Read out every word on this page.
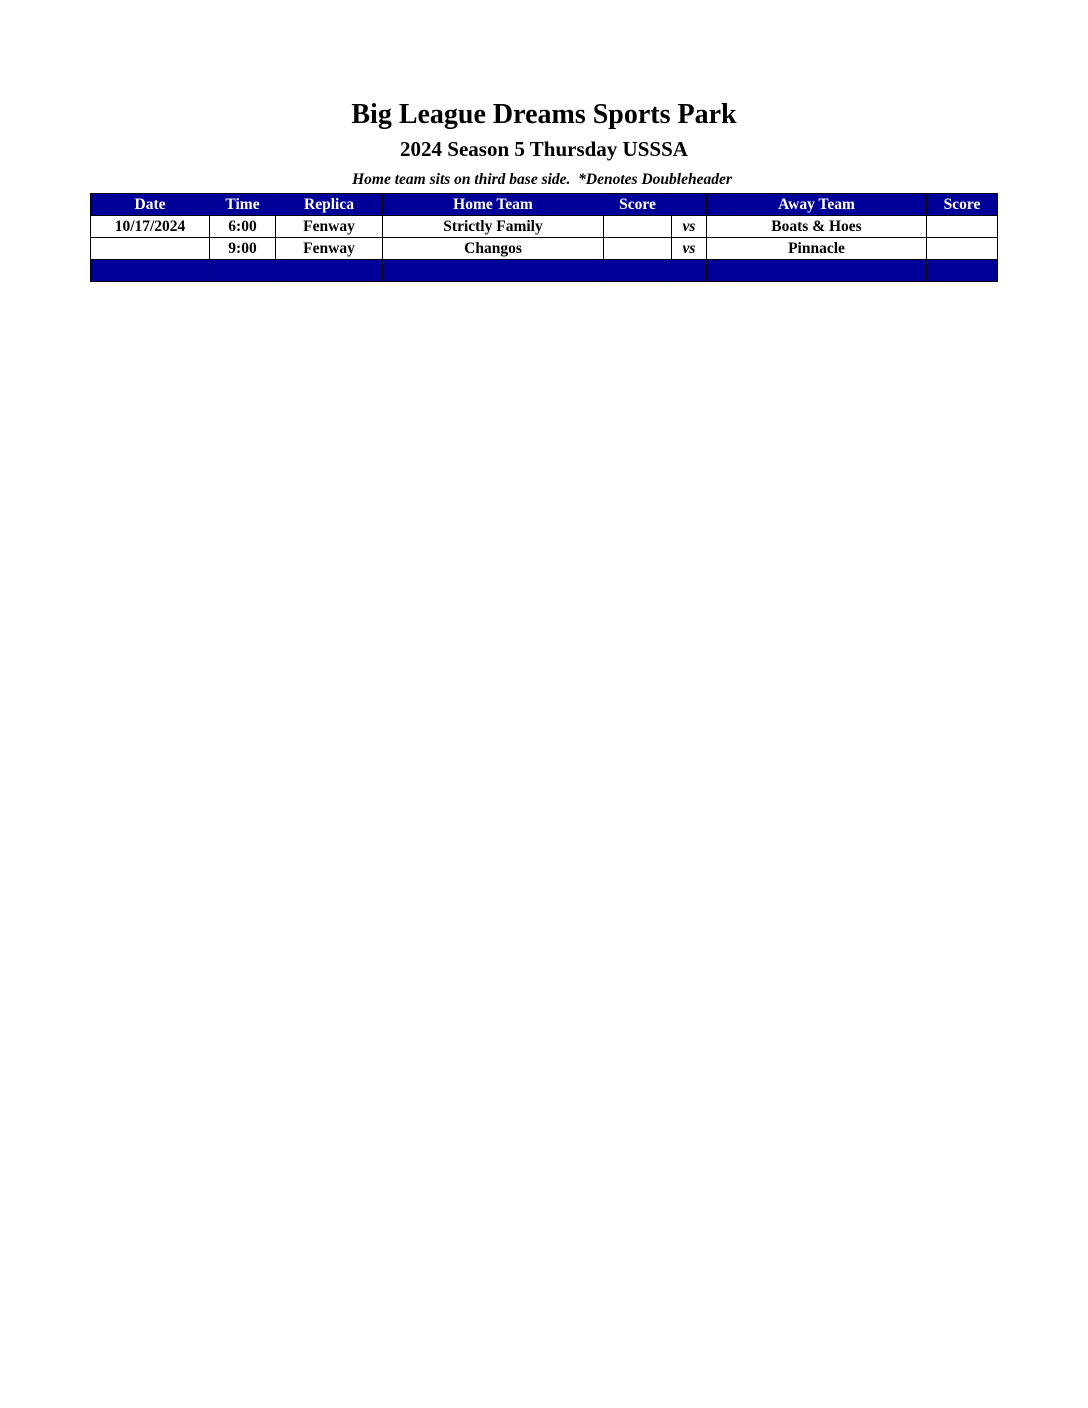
Big League Dreams Sports Park
2024 Season 5 Thursday USSSA
Home team sits on third base side.  *Denotes Doubleheader
Date	Time	Replica	Home Team	Score		Away Team	Score
10/17/2024	6:00	Fenway	Strictly Family		vs	Boats & Hoes	
	9:00	Fenway	Changos		vs	Pinnacle	
